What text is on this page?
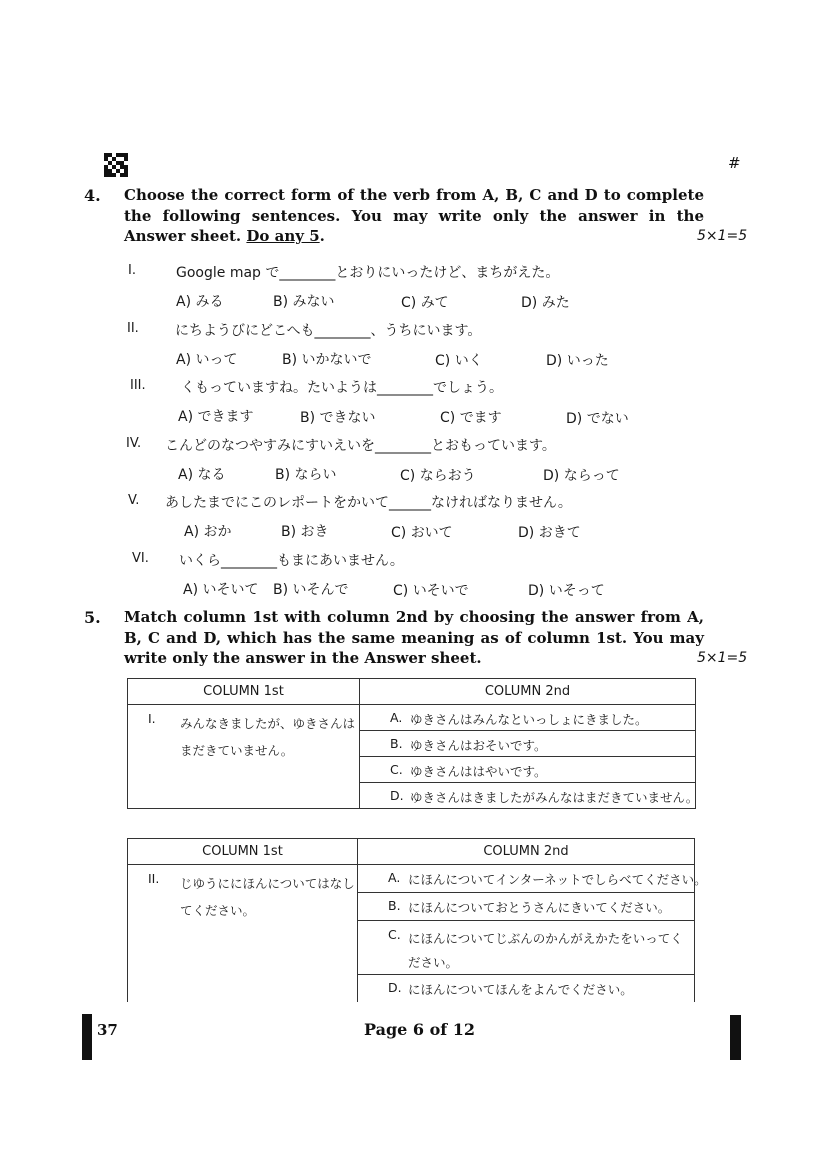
#
4. Choose the correct form of the verb from A, B, C and D to complete the following sentences. You may write only the answer in the Answer sheet. Do any 5.	5×1=5
I.	Google map で________とおりにいったけど、まちがえた。
A) みる	B) みない	C) みて	D) みた
II.	にちようびにどこへも________、うちにいます。
A) いって	B) いかないで	C) いく	D) いった
III.	くもっていますね。たいようは________でしょう。
A) できます	B) できない	C) でます	D) でない
IV. こんどのなつやすみにすいえいを________とおもっています。
A) なる	B) ならい	C) ならおう	D) ならって
V. あしたまでにこのレポートをかいて______なければなりません。
A) おか	B) おき	C) おいて	D) おきて
VI. いくら________もまにあいません。
A) いそいて B) いそんで	C) いそいで	D) いそって
5. Match column 1st with column 2nd by choosing the answer from A, B, C and D, which has the same meaning as of column 1st. You may write only the answer in the Answer sheet.	5×1=5
COLUMN 1st	COLUMN 2nd

I. みんなきましたが、ゆきさんはまだきていません。	A. ゆきさんはみんなといっしょにきました。

	B. ゆきさんはおそいです。

	C. ゆきさんははやいです。

	D. ゆきさんはきましたがみんなはまだきていません。
COLUMN 1st	COLUMN 2nd

II. じゆうににほんについてはなしてください。	A. にほんについてインターネットでしらべてください。

	B. にほんについておとうさんにきいてください。

	C. にほんについてじぶんのかんがえかたをいってください。

	D. にほんについてほんをよんでください。
37	Page 6 of 12
